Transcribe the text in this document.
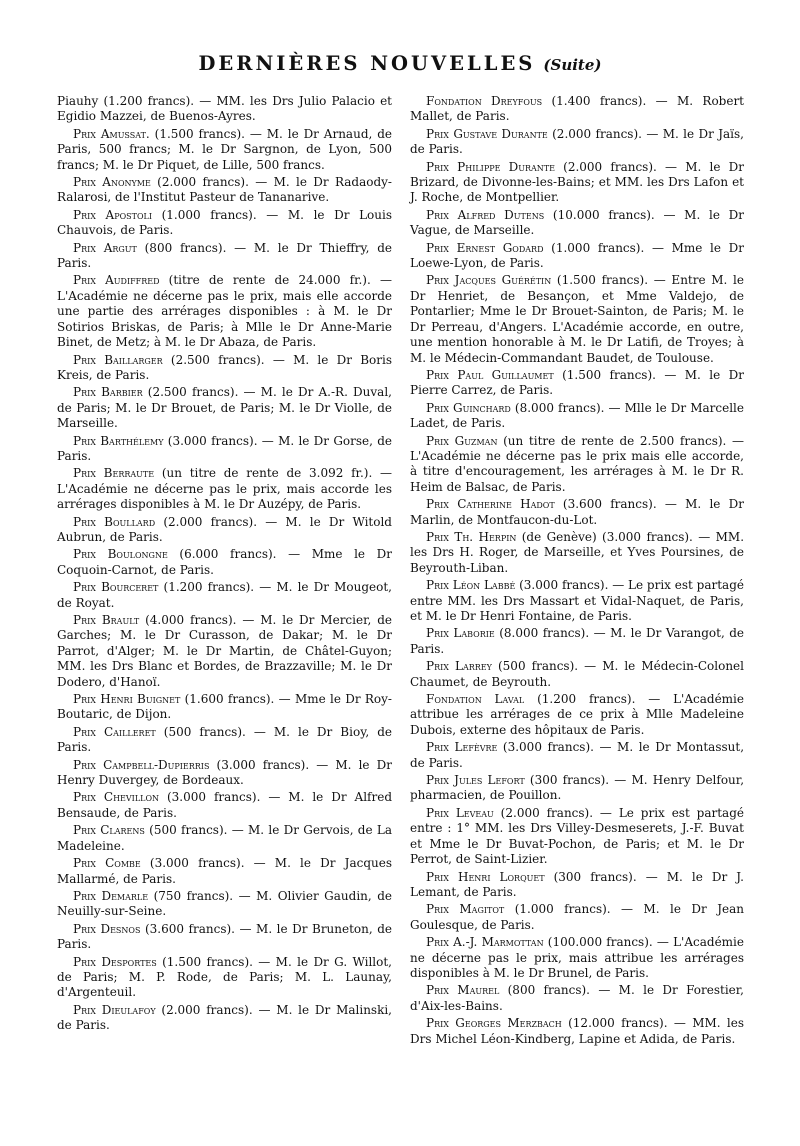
DERNIÈRES NOUVELLES (Suite)

Piauhy (1.200 francs). — MM. les Drs Julio Palacio et Egidio Mazzei, de Buenos-Ayres.

Prix Amussat. (1.500 francs). — M. le Dr Arnaud, de Paris, 500 francs; M. le Dr Sargnon, de Lyon, 500 francs; M. le Dr Piquet, de Lille, 500 francs.

Prix Anonyme (2.000 francs). — M. le Dr Radaody-Ralarosi, de l'Institut Pasteur de Tananarive.

Prix Apostoli (1.000 francs). — M. le Dr Louis Chauvois, de Paris.

Prix Argut (800 francs). — M. le Dr Thieffry, de Paris.

Prix Audiffred (titre de rente de 24.000 fr.). — L'Académie ne décerne pas le prix, mais elle accorde une partie des arrérages disponibles : à M. le Dr Sotirios Briskas, de Paris; à Mlle le Dr Anne-Marie Binet, de Metz; à M. le Dr Abaza, de Paris.

Prix Baillarger (2.500 francs). — M. le Dr Boris Kreis, de Paris.

Prix Barbier (2.500 francs). — M. le Dr A.-R. Duval, de Paris; M. le Dr Brouet, de Paris; M. le Dr Violle, de Marseille.

Prix Barthélemy (3.000 francs). — M. le Dr Gorse, de Paris.

Prix Berraute (un titre de rente de 3.092 fr.). — L'Académie ne décerne pas le prix, mais accorde les arrérages disponibles à M. le Dr Auzépy, de Paris.

Prix Boullard (2.000 francs). — M. le Dr Witold Aubrun, de Paris.

Prix Boulongne (6.000 francs). — Mme le Dr Coquoin-Carnot, de Paris.

Prix Bourceret (1.200 francs). — M. le Dr Mougeot, de Royat.

Prix Brault (4.000 francs). — M. le Dr Mercier, de Garches; M. le Dr Curasson, de Dakar; M. le Dr Parrot, d'Alger; M. le Dr Martin, de Châtel-Guyon; MM. les Drs Blanc et Bordes, de Brazzaville; M. le Dr Dodero, d'Hanoï.

Prix Henri Buignet (1.600 francs). — Mme le Dr Roy-Boutaric, de Dijon.

Prix Cailleret (500 francs). — M. le Dr Bioy, de Paris.

Prix Campbell-Dupierris (3.000 francs). — M. le Dr Henry Duvergey, de Bordeaux.

Prix Chevillon (3.000 francs). — M. le Dr Alfred Bensaude, de Paris.

Prix Clarens (500 francs). — M. le Dr Gervois, de La Madeleine.

Prix Combe (3.000 francs). — M. le Dr Jacques Mallarmé, de Paris.

Prix Demarle (750 francs). — M. Olivier Gaudin, de Neuilly-sur-Seine.

Prix Desnos (3.600 francs). — M. le Dr Bruneton, de Paris.

Prix Desportes (1.500 francs). — M. le Dr G. Willot, de Paris; M. P. Rode, de Paris; M. L. Launay, d'Argenteuil.

Prix Dieulafoy (2.000 francs). — M. le Dr Malinski, de Paris.

Fondation Dreyfous (1.400 francs). — M. Robert Mallet, de Paris.

Prix Gustave Durante (2.000 francs). — M. le Dr Jaïs, de Paris.

Prix Philippe Durante (2.000 francs). — M. le Dr Brizard, de Divonne-les-Bains; et MM. les Drs Lafon et J. Roche, de Montpellier.

Prix Alfred Dutens (10.000 francs). — M. le Dr Vague, de Marseille.

Prix Ernest Godard (1.000 francs). — Mme le Dr Loewe-Lyon, de Paris.

Prix Jacques Guérétin (1.500 francs). — Entre M. le Dr Henriet, de Besançon, et Mme Valdejo, de Pontarlier; Mme le Dr Brouet-Sainton, de Paris; M. le Dr Perreau, d'Angers. L'Académie accorde, en outre, une mention honorable à M. le Dr Latifi, de Troyes; à M. le Médecin-Commandant Baudet, de Toulouse.

Prix Paul Guillaumet (1.500 francs). — M. le Dr Pierre Carrez, de Paris.

Prix Guinchard (8.000 francs). — Mlle le Dr Marcelle Ladet, de Paris.

Prix Guzman (un titre de rente de 2.500 francs). — L'Académie ne décerne pas le prix mais elle accorde, à titre d'encouragement, les arrérages à M. le Dr R. Heim de Balsac, de Paris.

Prix Catherine Hadot (3.600 francs). — M. le Dr Marlin, de Montfaucon-du-Lot.

Prix Th. Herpin (de Genève) (3.000 francs). — MM. les Drs H. Roger, de Marseille, et Yves Poursines, de Beyrouth-Liban.

Prix Léon Labbé (3.000 francs). — Le prix est partagé entre MM. les Drs Massart et Vidal-Naquet, de Paris, et M. le Dr Henri Fontaine, de Paris.

Prix Laborie (8.000 francs). — M. le Dr Varangot, de Paris.

Prix Larrey (500 francs). — M. le Médecin-Colonel Chaumet, de Beyrouth.

Fondation Laval (1.200 francs). — L'Académie attribue les arrérages de ce prix à Mlle Madeleine Dubois, externe des hôpitaux de Paris.

Prix Lefèvre (3.000 francs). — M. le Dr Montassut, de Paris.

Prix Jules Lefort (300 francs). — M. Henry Delfour, pharmacien, de Pouillon.

Prix Leveau (2.000 francs). — Le prix est partagé entre : 1° MM. les Drs Villey-Desmeserets, J.-F. Buvat et Mme le Dr Buvat-Pochon, de Paris; et M. le Dr Perrot, de Saint-Lizier.

Prix Henri Lorquet (300 francs). — M. le Dr J. Lemant, de Paris.

Prix Magitot (1.000 francs). — M. le Dr Jean Goulesque, de Paris.

Prix A.-J. Marmottan (100.000 francs). — L'Académie ne décerne pas le prix, mais attribue les arrérages disponibles à M. le Dr Brunel, de Paris.

Prix Maurel (800 francs). — M. le Dr Forestier, d'Aix-les-Bains.

Prix Georges Merzbach (12.000 francs). — MM. les Drs Michel Léon-Kindberg, Lapine et Adida, de Paris.
